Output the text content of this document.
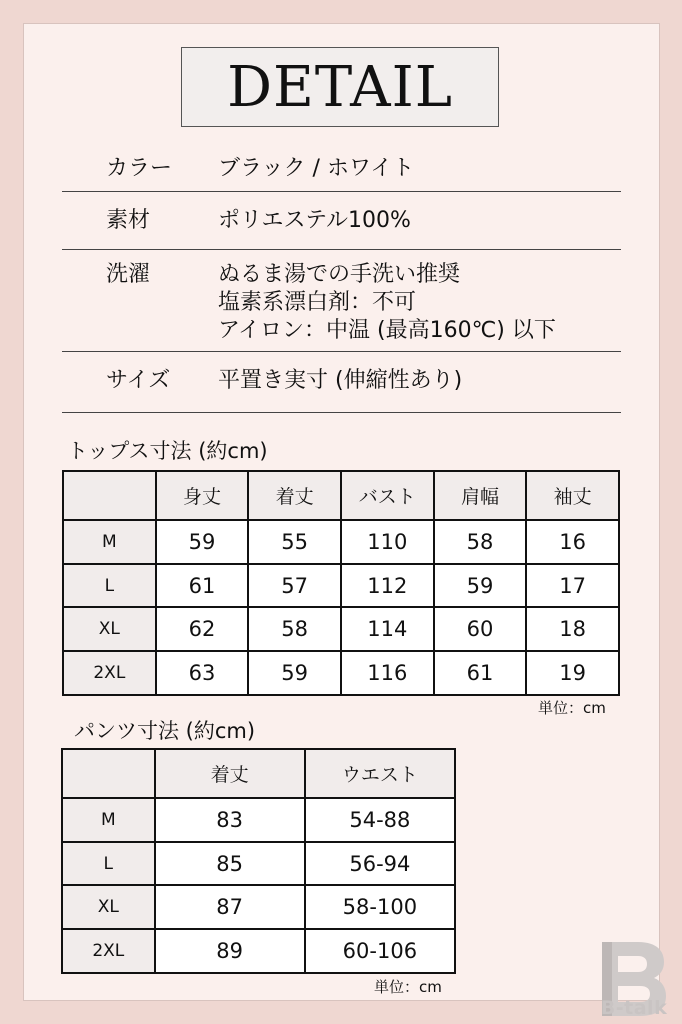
DETAIL
カラー ブラック / ホワイト
素材	ポリエステル100%
洗濯	ぬるま湯での手洗い推奨
塩素系漂白剤：不可
アイロン：中温 (最高160℃) 以下
サイズ 平置き実寸 (伸縮性あり)
トップス寸法 (約cm)
	身丈	着丈	バスト	肩幅	袖丈
M	59	55	110	58	16
L	61	57	112	59	17
XL	62	58	114	60	18
2XL	63	59	116	61	19
単位：cm
パンツ寸法 (約cm)
	着丈	ウエスト
M	83	54-88
L	85	56-94
XL	87	58-100
2XL	89	60-106
単位：cm
B-talk
